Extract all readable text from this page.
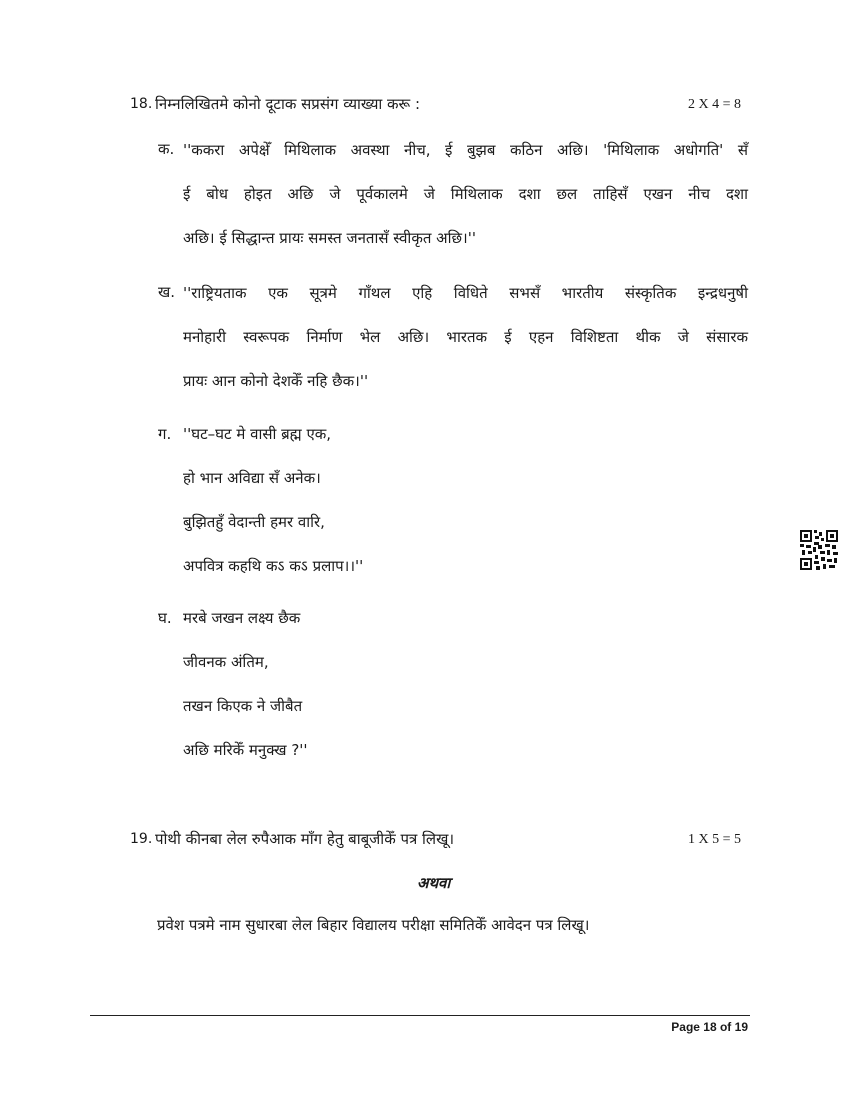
18. निम्नलिखितमे कोनो दूटाक सप्रसंग व्याख्या करू :	2 X 4 = 8
क. ''ककरा अपेक्षेँ मिथिलाक अवस्था नीच, ई बुझब कठिन अछि। 'मिथिलाक अधोगति' सँ
ई बोध होइत अछि जे पूर्वकालमे जे मिथिलाक दशा छल ताहिसँ एखन नीच दशा
अछि। ई सिद्धान्त प्रायः समस्त जनतासँ स्वीकृत अछि।''
ख. ''राष्ट्रियताक एक सूत्रमे गाँथल एहि विधिते सभसँ भारतीय संस्कृतिक इन्द्रधनुषी
मनोहारी स्वरूपक निर्माण भेल अछि। भारतक ई एहन विशिष्टता थीक जे संसारक
प्रायः आन कोनो देशकेँ नहि छैक।''
ग. ''घट–घट मे वासी ब्रह्म एक,
हो भान अविद्या सँ अनेक।
बुझितहुँ वेदान्ती हमर वारि,
अपवित्र कहथि कऽ कऽ प्रलाप।।''
घ. मरबे जखन लक्ष्य छैक
जीवनक अंतिम,
तखन किएक ने जीबैत
अछि मरिकेँ मनुक्ख ?''
19. पोथी कीनबा लेल रुपैआक माँग हेतु बाबूजीकेँ पत्र लिखू।	1 X 5 = 5
अथवा
प्रवेश पत्रमे नाम सुधारबा लेल बिहार विद्यालय परीक्षा समितिकेँ आवेदन पत्र लिखू।
Page 18 of 19
